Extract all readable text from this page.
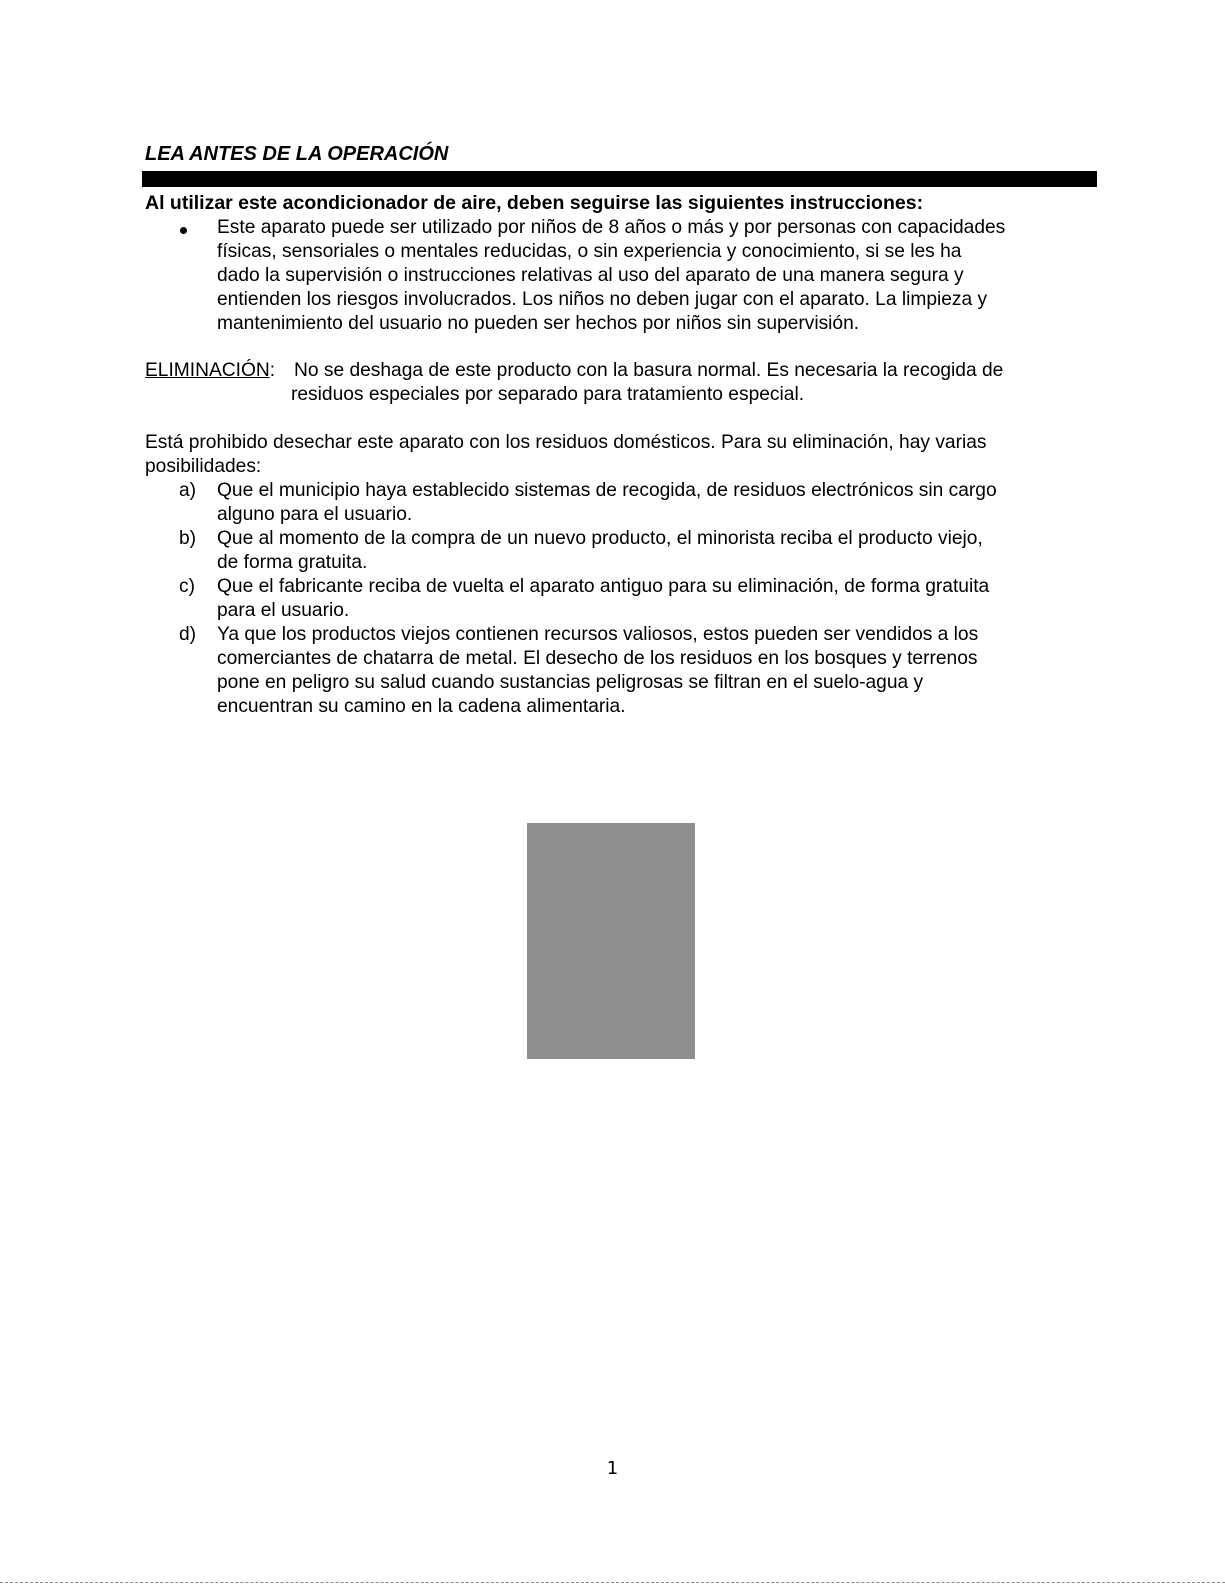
LEA ANTES DE LA OPERACIÓN
Al utilizar este acondicionador de aire, deben seguirse las siguientes instrucciones:
Este aparato puede ser utilizado por niños de 8 años o más y por personas con capacidades
físicas, sensoriales o mentales reducidas, o sin experiencia y conocimiento, si se les ha
dado la supervisión o instrucciones relativas al uso del aparato de una manera segura y
entienden los riesgos involucrados. Los niños no deben jugar con el aparato. La limpieza y
mantenimiento del usuario no pueden ser hechos por niños sin supervisión.
ELIMINACIÓN: No se deshaga de este producto con la basura normal. Es necesaria la recogida de
residuos especiales por separado para tratamiento especial.
Está prohibido desechar este aparato con los residuos domésticos. Para su eliminación, hay varias
posibilidades:
a) Que el municipio haya establecido sistemas de recogida, de residuos electrónicos sin cargo
alguno para el usuario.
b) Que al momento de la compra de un nuevo producto, el minorista reciba el producto viejo,
de forma gratuita.
c) Que el fabricante reciba de vuelta el aparato antiguo para su eliminación, de forma gratuita
para el usuario.
d) Ya que los productos viejos contienen recursos valiosos, estos pueden ser vendidos a los
comerciantes de chatarra de metal. El desecho de los residuos en los bosques y terrenos
pone en peligro su salud cuando sustancias peligrosas se filtran en el suelo-agua y
encuentran su camino en la cadena alimentaria.
1
